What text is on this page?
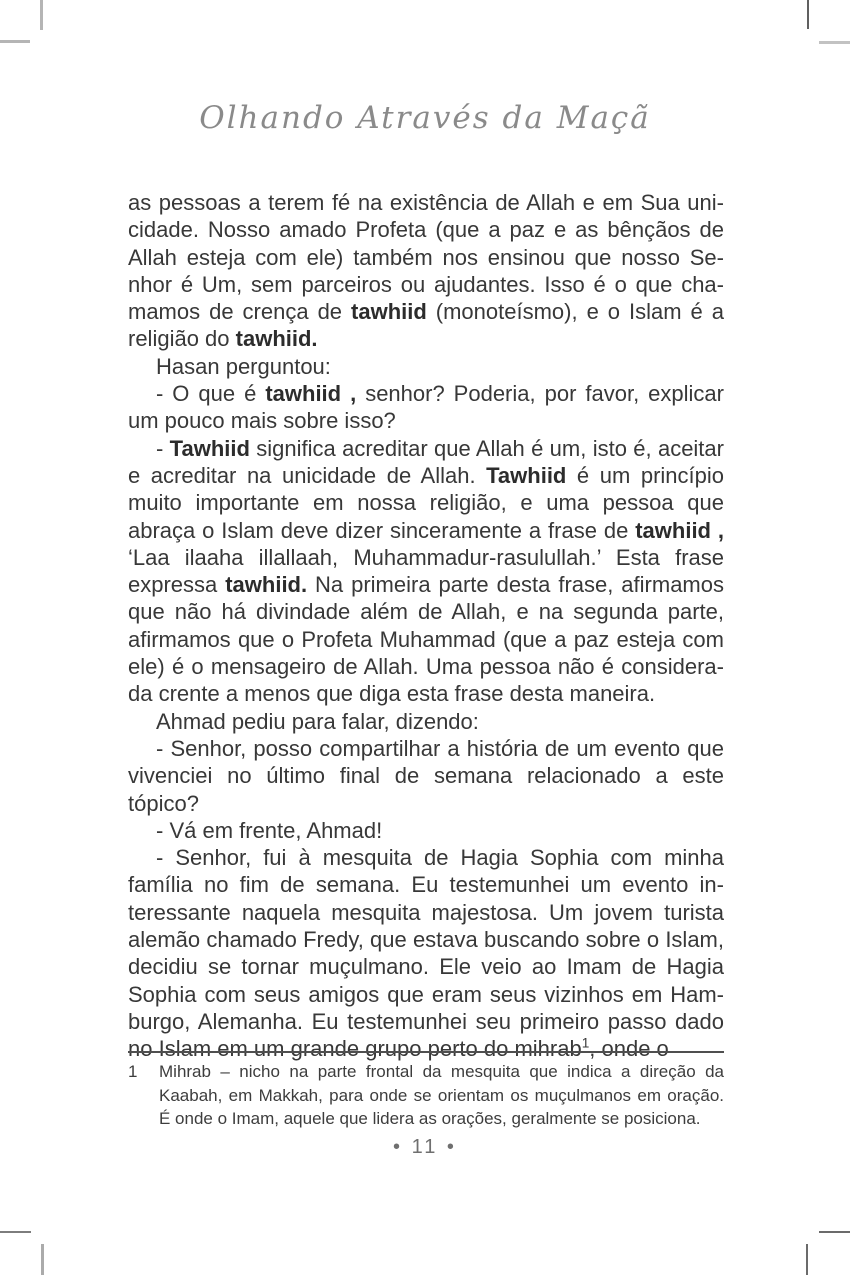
Olhando Através da Maçã

as pessoas a terem fé na existência de Allah e em Sua unicidade. Nosso amado Profeta (que a paz e as bênçãos de Allah esteja com ele) também nos ensinou que nosso Senhor é Um, sem parceiros ou ajudantes. Isso é o que chamamos de crença de tawhiid (monoteísmo), e o Islam é a religião do tawhiid.

Hasan perguntou:

- O que é tawhiid , senhor? Poderia, por favor, explicar um pouco mais sobre isso?

- Tawhiid significa acreditar que Allah é um, isto é, aceitar e acreditar na unicidade de Allah. Tawhiid é um princípio muito importante em nossa religião, e uma pessoa que abraça o Islam deve dizer sinceramente a frase de tawhiid , ‘Laa ilaaha illallaah, Muhammadur-rasulullah.’ Esta frase expressa tawhiid. Na primeira parte desta frase, afirmamos que não há divindade além de Allah, e na segunda parte, afirmamos que o Profeta Muhammad (que a paz esteja com ele) é o mensageiro de Allah. Uma pessoa não é considerada crente a menos que diga esta frase desta maneira.

Ahmad pediu para falar, dizendo:

- Senhor, posso compartilhar a história de um evento que vivenciei no último final de semana relacionado a este tópico?

- Vá em frente, Ahmad!

- Senhor, fui à mesquita de Hagia Sophia com minha família no fim de semana. Eu testemunhei um evento interessante naquela mesquita majestosa. Um jovem turista alemão chamado Fredy, que estava buscando sobre o Islam, decidiu se tornar muçulmano. Ele veio ao Imam de Hagia Sophia com seus amigos que eram seus vizinhos em Hamburgo, Alemanha. Eu testemunhei seu primeiro passo dado no Islam em um grande grupo perto do mihrab$^1$, onde o

1	Mihrab – nicho na parte frontal da mesquita que indica a direção da Kaabah, em Makkah, para onde se orientam os muçulmanos em oração. É onde o Imam, aquele que lidera as orações, geralmente se posiciona.
• 11 •
